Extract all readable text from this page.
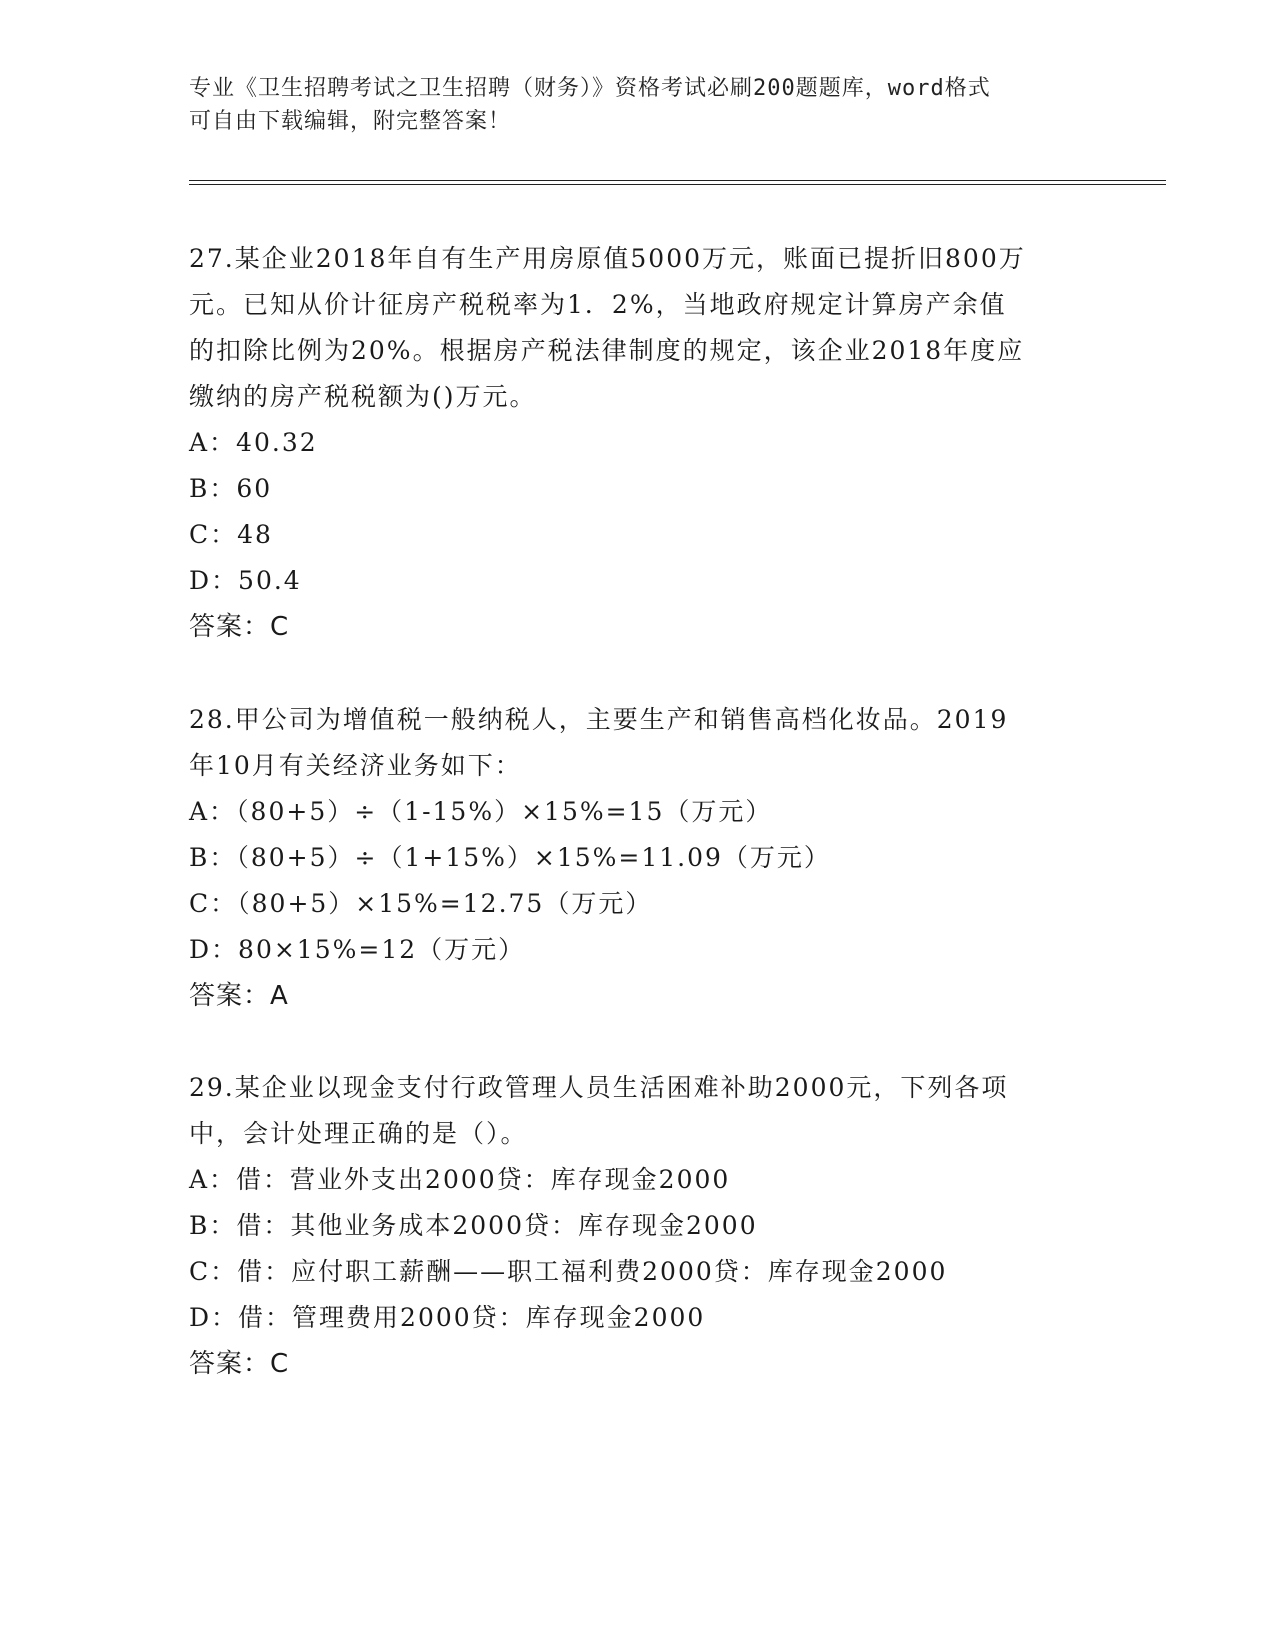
专业《卫生招聘考试之卫生招聘（财务）》资格考试必刷200题题库，word格式
可自由下载编辑，附完整答案！

27.某企业2018年自有生产用房原值5000万元，账面已提折旧800万

元。已知从价计征房产税税率为1．2%，当地政府规定计算房产余值

的扣除比例为20%。根据房产税法律制度的规定，该企业2018年度应

缴纳的房产税税额为()万元。

A：40.32

B：60

C：48

D：50.4

答案：C

28.甲公司为增值税一般纳税人，主要生产和销售高档化妆品。2019

年10月有关经济业务如下：

A：（80+5）÷（1-15%）×15%=15（万元）

B：（80+5）÷（1+15%）×15%=11.09（万元）

C：（80+5）×15%=12.75（万元）

D：80×15%=12（万元）

答案：A

29.某企业以现金支付行政管理人员生活困难补助2000元，下列各项

中，会计处理正确的是（）。

A：借：营业外支出2000贷：库存现金2000

B：借：其他业务成本2000贷：库存现金2000

C：借：应付职工薪酬——职工福利费2000贷：库存现金2000

D：借：管理费用2000贷：库存现金2000

答案：C
